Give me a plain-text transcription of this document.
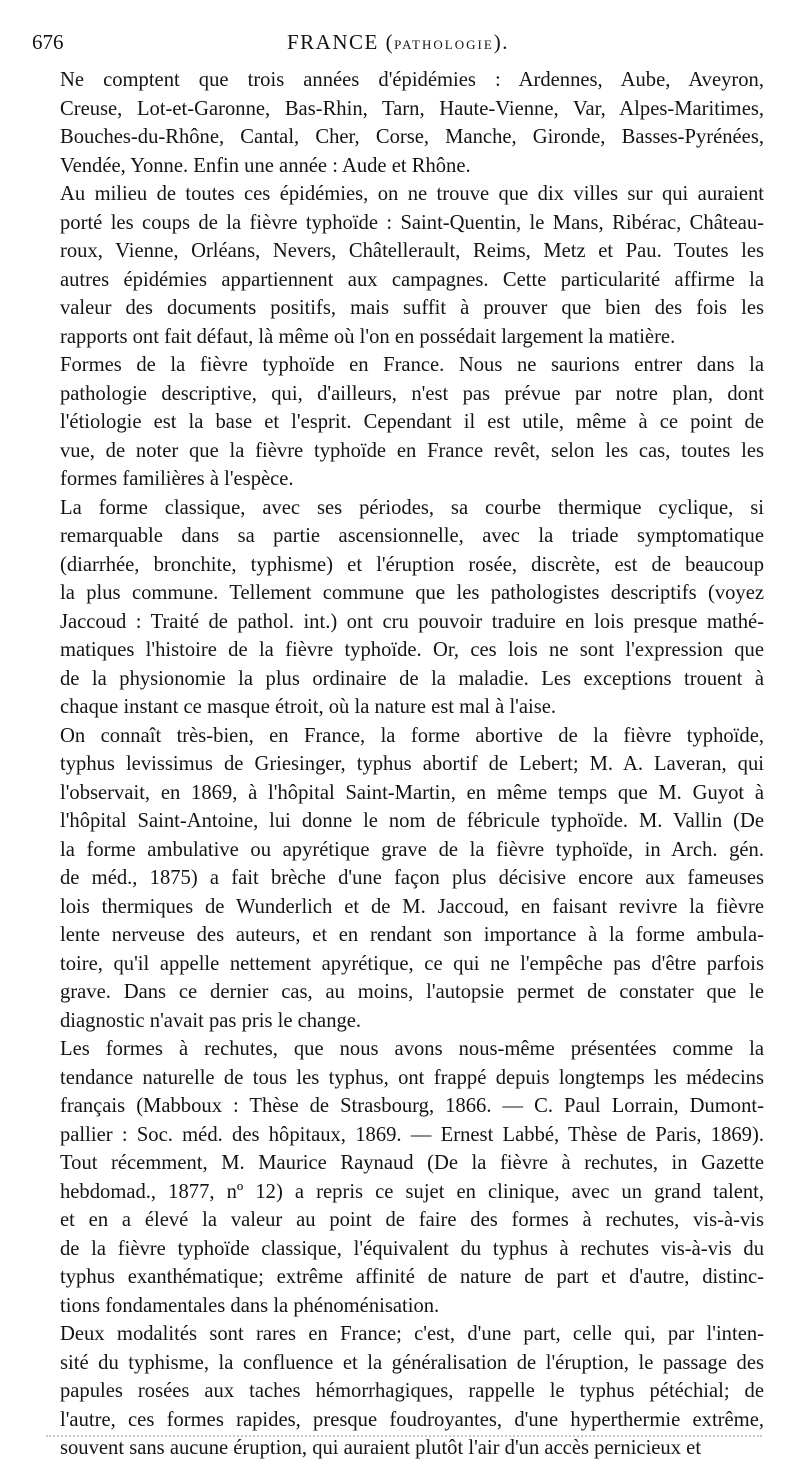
676	FRANCE (PATHOLOGIE).

Ne comptent que trois années d'épidémies : Ardennes, Aube, Aveyron,
Creuse, Lot-et-Garonne, Bas-Rhin, Tarn, Haute-Vienne, Var, Alpes-Maritimes,
Bouches-du-Rhône, Cantal, Cher, Corse, Manche, Gironde, Basses-Pyrénées,
Vendée, Yonne. Enfin une année : Aude et Rhône.

Au milieu de toutes ces épidémies, on ne trouve que dix villes sur qui auraient
porté les coups de la fièvre typhoïde : Saint-Quentin, le Mans, Ribérac, Château-
roux, Vienne, Orléans, Nevers, Châtellerault, Reims, Metz et Pau. Toutes les
autres épidémies appartiennent aux campagnes. Cette particularité affirme la
valeur des documents positifs, mais suffit à prouver que bien des fois les
rapports ont fait défaut, là même où l'on en possédait largement la matière.

Formes de la fièvre typhoïde en France. Nous ne saurions entrer dans la
pathologie descriptive, qui, d'ailleurs, n'est pas prévue par notre plan, dont
l'étiologie est la base et l'esprit. Cependant il est utile, même à ce point de
vue, de noter que la fièvre typhoïde en France revêt, selon les cas, toutes les
formes familières à l'espèce.

La forme classique, avec ses périodes, sa courbe thermique cyclique, si
remarquable dans sa partie ascensionnelle, avec la triade symptomatique
(diarrhée, bronchite, typhisme) et l'éruption rosée, discrète, est de beaucoup
la plus commune. Tellement commune que les pathologistes descriptifs (voyez
Jaccoud : Traité de pathol. int.) ont cru pouvoir traduire en lois presque mathé-
matiques l'histoire de la fièvre typhoïde. Or, ces lois ne sont l'expression que
de la physionomie la plus ordinaire de la maladie. Les exceptions trouent à
chaque instant ce masque étroit, où la nature est mal à l'aise.

On connaît très-bien, en France, la forme abortive de la fièvre typhoïde,
typhus levissimus de Griesinger, typhus abortif de Lebert; M. A. Laveran, qui
l'observait, en 1869, à l'hôpital Saint-Martin, en même temps que M. Guyot à
l'hôpital Saint-Antoine, lui donne le nom de fébricule typhoïde. M. Vallin (De
la forme ambulative ou apyrétique grave de la fièvre typhoïde, in Arch. gén.
de méd., 1875) a fait brèche d'une façon plus décisive encore aux fameuses
lois thermiques de Wunderlich et de M. Jaccoud, en faisant revivre la fièvre
lente nerveuse des auteurs, et en rendant son importance à la forme ambula-
toire, qu'il appelle nettement apyrétique, ce qui ne l'empêche pas d'être parfois
grave. Dans ce dernier cas, au moins, l'autopsie permet de constater que le
diagnostic n'avait pas pris le change.

Les formes à rechutes, que nous avons nous-même présentées comme la
tendance naturelle de tous les typhus, ont frappé depuis longtemps les médecins
français (Mabboux : Thèse de Strasbourg, 1866. — C. Paul Lorrain, Dumont-
pallier : Soc. méd. des hôpitaux, 1869. — Ernest Labbé, Thèse de Paris, 1869).
Tout récemment, M. Maurice Raynaud (De la fièvre à rechutes, in Gazette
hebdomad., 1877, nº 12) a repris ce sujet en clinique, avec un grand talent,
et en a élevé la valeur au point de faire des formes à rechutes, vis-à-vis
de la fièvre typhoïde classique, l'équivalent du typhus à rechutes vis-à-vis du
typhus exanthématique; extrême affinité de nature de part et d'autre, distinc-
tions fondamentales dans la phénoménisation.

Deux modalités sont rares en France; c'est, d'une part, celle qui, par l'inten-
sité du typhisme, la confluence et la généralisation de l'éruption, le passage des
papules rosées aux taches hémorrhagiques, rappelle le typhus pétéchial; de
l'autre, ces formes rapides, presque foudroyantes, d'une hyperthermie extrême,
souvent sans aucune éruption, qui auraient plutôt l'air d'un accès pernicieux et
